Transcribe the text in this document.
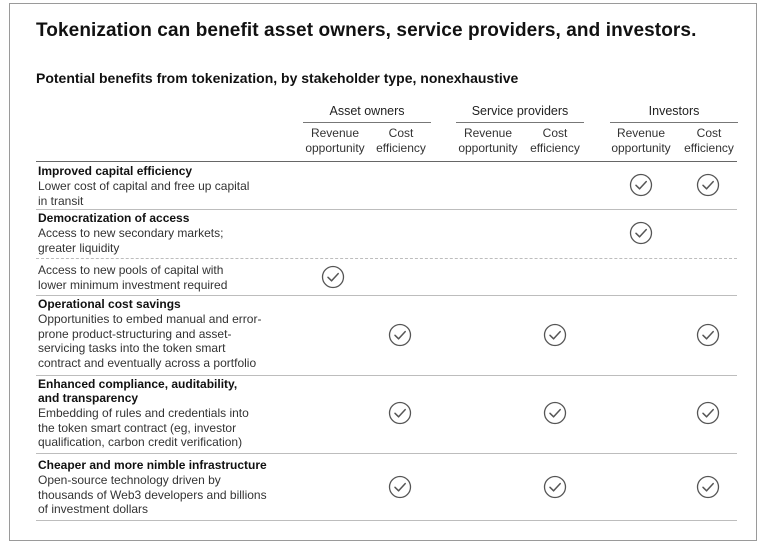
Tokenization can benefit asset owners, service providers, and investors.
Potential benefits from tokenization, by stakeholder type, nonexhaustive
Asset owners	Service providers	Investors
Revenue
opportunity
Cost
efficiency
Revenue
opportunity
Cost
efficiency
Revenue
opportunity
Cost
efficiency
Improved capital efficiency
Lower cost of capital and free up capital
in transit
Democratization of access
Access to new secondary markets;
greater liquidity
Access to new pools of capital with
lower minimum investment required
Operational cost savings
Opportunities to embed manual and error-
prone product-structuring and asset-
servicing tasks into the token smart
contract and eventually across a portfolio
Enhanced compliance, auditability,
and transparency
Embedding of rules and credentials into
the token smart contract (eg, investor
qualification, carbon credit verification)
Cheaper and more nimble infrastructure
Open-source technology driven by
thousands of Web3 developers and billions
of investment dollars
